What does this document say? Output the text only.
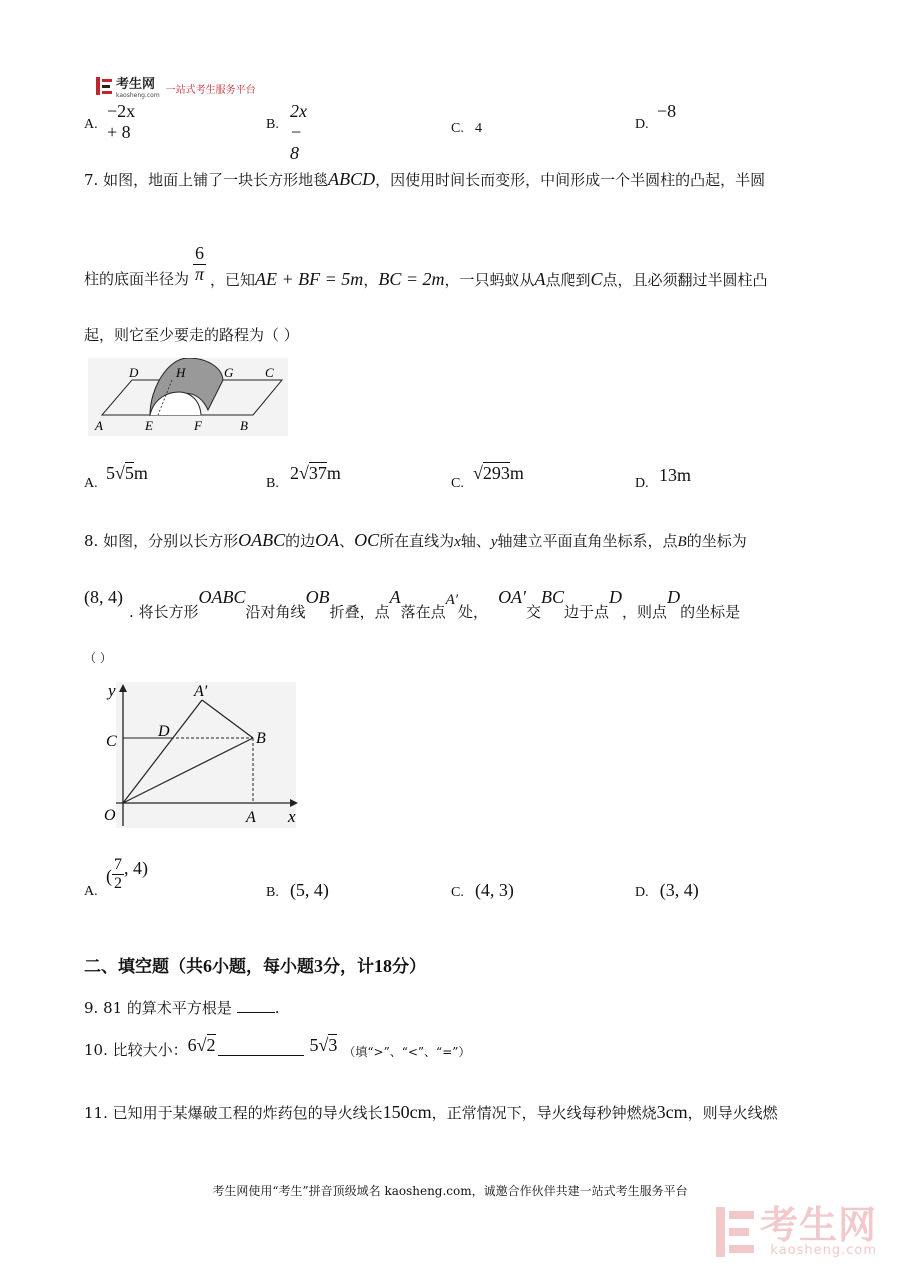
考生网
kaosheng.com 一站式考生服务平台
A.
−2x + 8	B.
2x − 8
C. 4	D.
−8
7. 如图，地面上铺了一块长方形地毯ABCD，因使用时间长而变形，中间形成一个半圆柱的凸起，半圆
柱的底面半径为 $\frac{6}{\pi}$ ，已知AE + BF = 5m，BC = 2m，一只蚂蚁从A点爬到C点，且必须翻过半圆柱凸
起，则它至少要走的路程为（ ）
D	H	G C
A	E	F	B
A.
5√5m
B.
2√37m
C.
√293m
D. 13m
8. 如图，分别以长方形OABC的边OA、OC所在直线为x轴、y轴建立平面直角坐标系，点B的坐标为
(8, 4)
. 将长方形
OABC
沿对角线
OB
折叠，点
A
落在点
A′
处，
OA′
交
BC
边于点
D
，则点
D
的坐标是
（ ）
y	A′
D
C	B
O	A x
A.
( $\frac{7}{2}$ , 4)
B. (5, 4)	C. (4, 3)	D. (3, 4)
二、填空题（共6小题，每小题3分，计18分）
9. 81 的算术平方根是	.
10. 比较大小： 6√2	5√3 （填“>”、“<”、“=”）
11. 已知用于某爆破工程的炸药包的导火线长150cm，正常情况下，导火线每秒钟燃烧3cm，则导火线燃
考生网使用“考生”拼音顶级域名 kaosheng.com，诚邀合作伙伴共建一站式考生服务平台
考生网
kaosheng.com
